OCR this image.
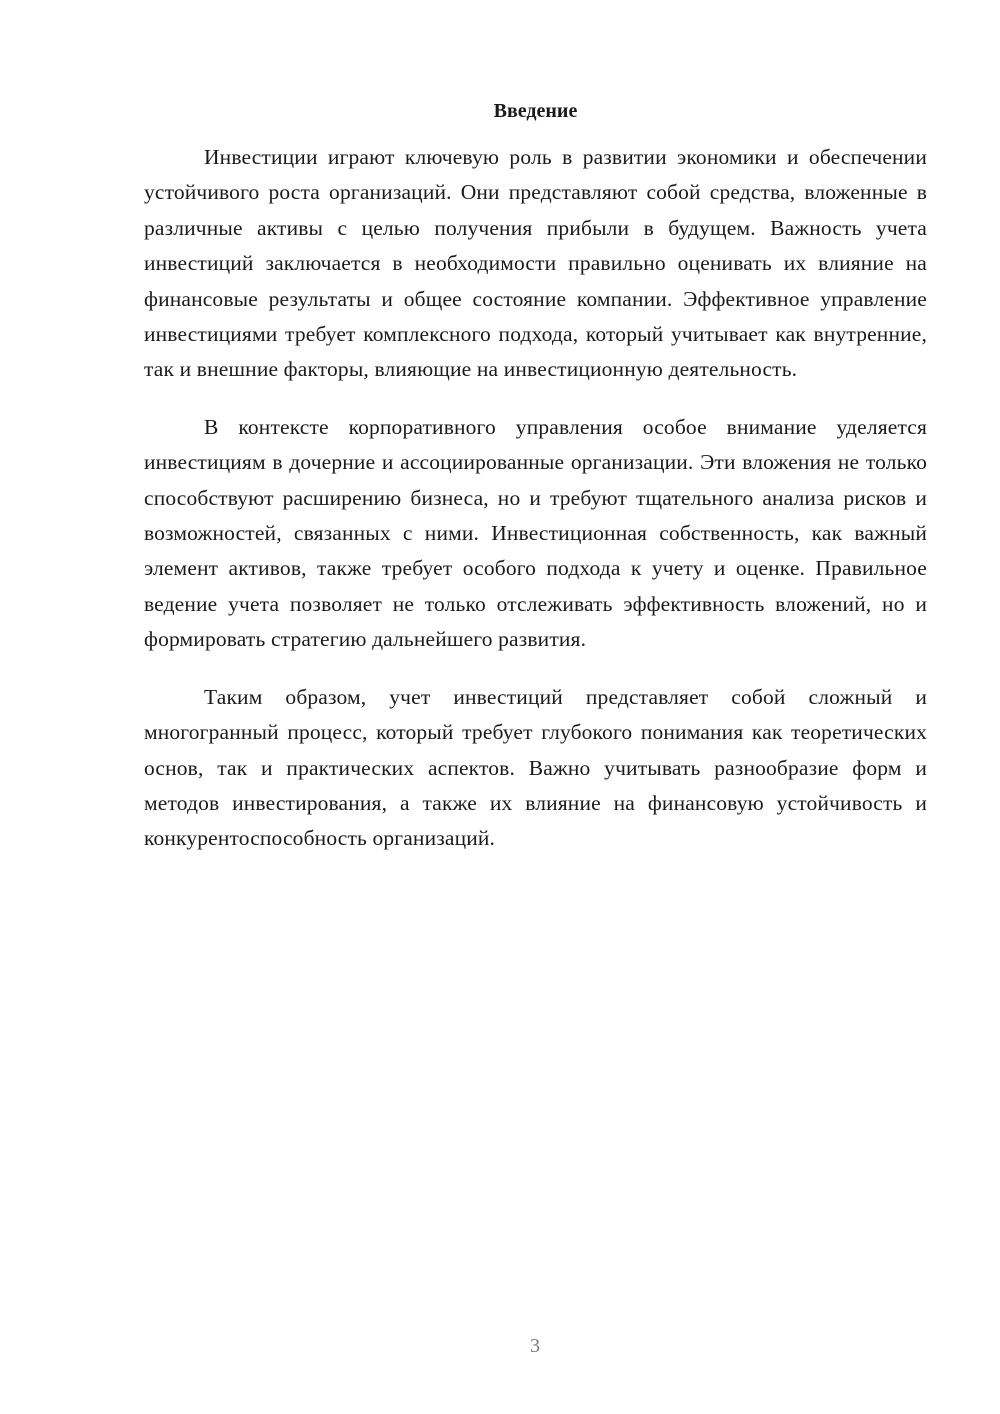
Введение

Инвестиции играют ключевую роль в развитии экономики и обеспечении устойчивого роста организаций. Они представляют собой средства, вложенные в различные активы с целью получения прибыли в будущем. Важность учета инвестиций заключается в необходимости правильно оценивать их влияние на финансовые результаты и общее состояние компании. Эффективное управление инвестициями требует комплексного подхода, который учитывает как внутренние, так и внешние факторы, влияющие на инвестиционную деятельность.

В контексте корпоративного управления особое внимание уделяется инвестициям в дочерние и ассоциированные организации. Эти вложения не только способствуют расширению бизнеса, но и требуют тщательного анализа рисков и возможностей, связанных с ними. Инвестиционная собственность, как важный элемент активов, также требует особого подхода к учету и оценке. Правильное ведение учета позволяет не только отслеживать эффективность вложений, но и формировать стратегию дальнейшего развития.

Таким образом, учет инвестиций представляет собой сложный и многогранный процесс, который требует глубокого понимания как теоретических основ, так и практических аспектов. Важно учитывать разнообразие форм и методов инвестирования, а также их влияние на финансовую устойчивость и конкурентоспособность организаций.

3
